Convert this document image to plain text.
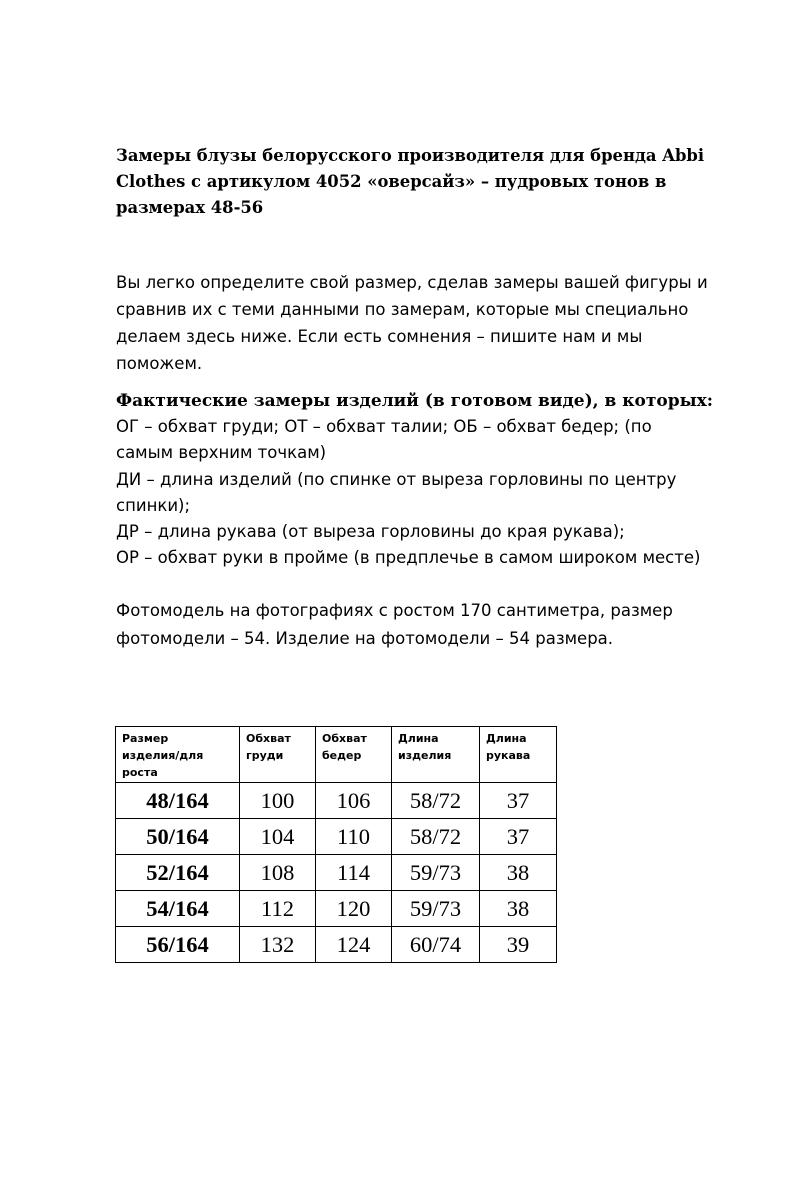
Замеры блузы белорусского производителя для бренда Abbi
Clothes с артикулом 4052 «оверсайз» – пудровых тонов в
размерах 48-56

Вы легко определите свой размер, сделав замеры вашей фигуры и
сравнив их с теми данными по замерам, которые мы специально
делаем здесь ниже. Если есть сомнения – пишите нам и мы
поможем.

Фактические замеры изделий (в готовом виде), в которых:
ОГ – обхват груди; ОТ – обхват талии; ОБ – обхват бедер; (по
самым верхним точкам)
ДИ – длина изделий (по спинке от выреза горловины по центру
спинки);
ДР – длина рукава (от выреза горловины до края рукава);
ОР – обхват руки в пройме (в предплечье в самом широком месте)

Фотомодель на фотографиях с ростом 170 сантиметра, размер
фотомодели – 54. Изделие на фотомодели – 54 размера.

Размер
изделия/для
роста	Обхват
груди	Обхват
бедер	Длина
изделия	Длина
рукава
48/164	100	106	58/72	37
50/164	104	110	58/72	37
52/164	108	114	59/73	38
54/164	112	120	59/73	38
56/164	132	124	60/74	39
